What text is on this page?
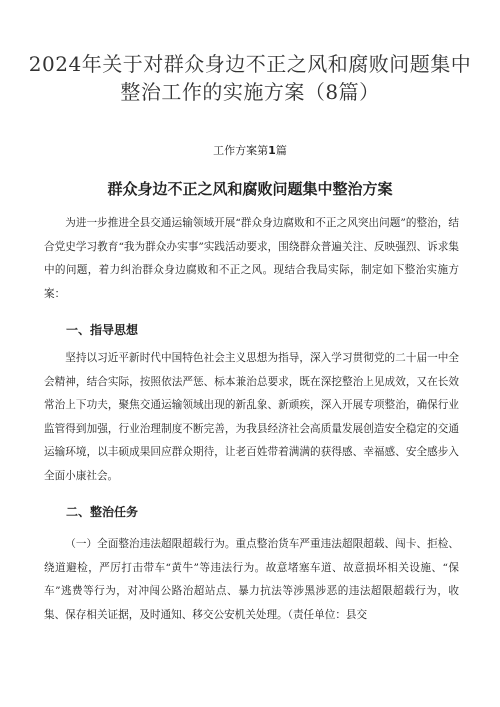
2024年关于对群众身边不正之风和腐败问题集中整治工作的实施方案（8篇）
工作方案第1篇
群众身边不正之风和腐败问题集中整治方案

为进一步推进全县交通运输领域开展“群众身边腐败和不正之风突出问题”的整治，结合党史学习教育“我为群众办实事”实践活动要求，围绕群众普遍关注、反映强烈、诉求集中的问题，着力纠治群众身边腐败和不正之风。现结合我局实际，制定如下整治实施方案：

一、指导思想

坚持以习近平新时代中国特色社会主义思想为指导，深入学习贯彻党的二十届一中全会精神，结合实际，按照依法严惩、标本兼治总要求，既在深挖整治上见成效，又在长效常治上下功夫，聚焦交通运输领域出现的新乱象、新顽疾，深入开展专项整治，确保行业监管得到加强，行业治理制度不断完善，为我县经济社会高质量发展创造安全稳定的交通运输环境，以丰硕成果回应群众期待，让老百姓带着满满的获得感、幸福感、安全感步入全面小康社会。

二、整治任务

（一）全面整治违法超限超载行为。重点整治货车严重违法超限超载、闯卡、拒检、绕道避检，严厉打击带车“黄牛”等违法行为。故意堵塞车道、故意损坏相关设施、“保车”逃费等行为，对冲闯公路治超站点、暴力抗法等涉黑涉恶的违法超限超载行为，收集、保存相关证据，及时通知、移交公安机关处理。（责任单位：县交
